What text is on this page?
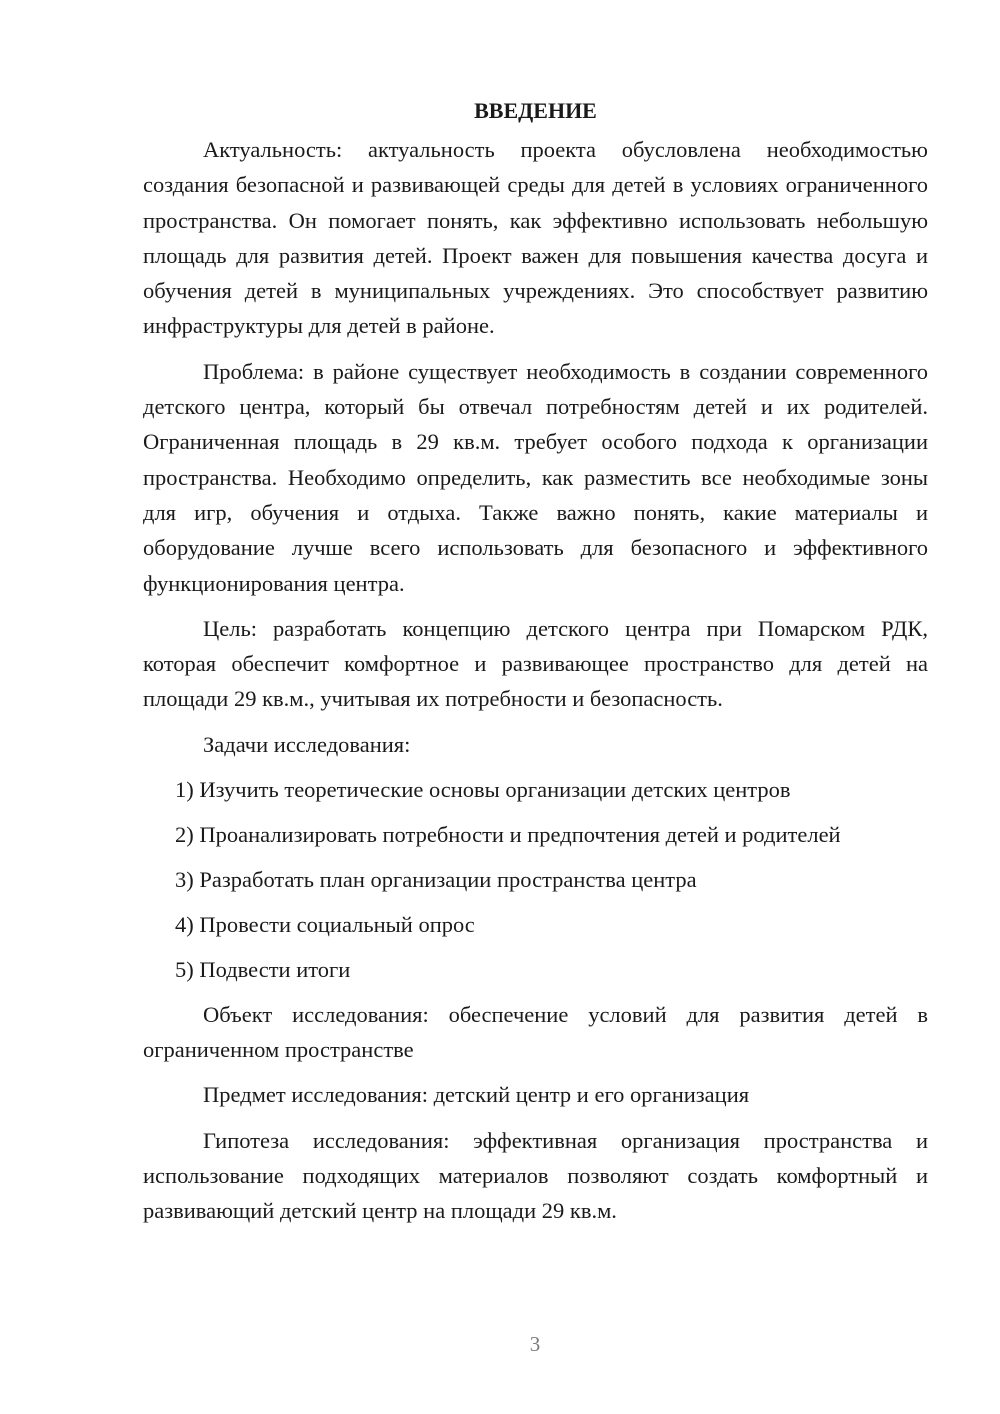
ВВЕДЕНИЕ

Актуальность: актуальность проекта обусловлена необходимостью создания безопасной и развивающей среды для детей в условиях ограниченного пространства. Он помогает понять, как эффективно использовать небольшую площадь для развития детей. Проект важен для повышения качества досуга и обучения детей в муниципальных учреждениях. Это способствует развитию инфраструктуры для детей в районе.

Проблема: в районе существует необходимость в создании современного детского центра, который бы отвечал потребностям детей и их родителей. Ограниченная площадь в 29 кв.м. требует особого подхода к организации пространства. Необходимо определить, как разместить все необходимые зоны для игр, обучения и отдыха. Также важно понять, какие материалы и оборудование лучше всего использовать для безопасного и эффективного функционирования центра.

Цель: разработать концепцию детского центра при Помарском РДК, которая обеспечит комфортное и развивающее пространство для детей на площади 29 кв.м., учитывая их потребности и безопасность.

Задачи исследования:

1) Изучить теоретические основы организации детских центров

2) Проанализировать потребности и предпочтения детей и родителей

3) Разработать план организации пространства центра

4) Провести социальный опрос

5) Подвести итоги

Объект исследования: обеспечение условий для развития детей в ограниченном пространстве

Предмет исследования: детский центр и его организация

Гипотеза исследования: эффективная организация пространства и использование подходящих материалов позволяют создать комфортный и развивающий детский центр на площади 29 кв.м.

3
